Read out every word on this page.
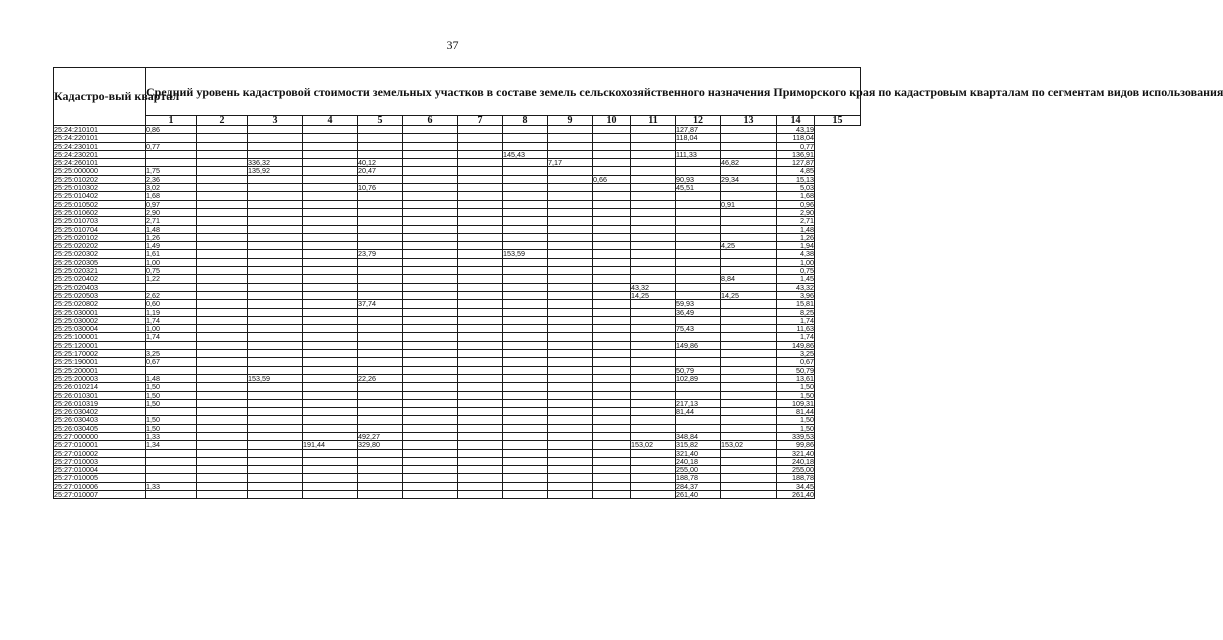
37
Кадастро-вый квартал	Средний уровень кадастровой стоимости земельных участков в составе земель сельскохозяйственного назначения Приморского края по кадастровым кварталам по сегментам видов использования														
	1	2	3	4	5	6	7	8	9	10	11	12	13	14	15
25:24:210101	0,86											127,87		43,19	
25:24:220101												118,04		118,04	
25:24:230101	0,77													0,77	
25:24:230201								145,43				111,33		136,91	
25:24:260101			336,32		40,12				7,17				46,82	127,87	
25:25:000000	1,75		135,92		20,47									4,85	
25:25:010202	2,36									0,66		90,93	29,34	15,13	
25:25:010302	3,02				10,76							45,51		5,03	
25:25:010402	1,68													1,68	
25:25:010502	0,97												0,91	0,96	
25:25:010602	2,90													2,90	
25:25:010703	2,71													2,71	
25:25:010704	1,48													1,48	
25:25:020102	1,26													1,26	
25:25:020202	1,49												4,25	1,94	
25:25:020302	1,61				23,79			153,59						4,38	
25:25:020305	1,00													1,00	
25:25:020321	0,75													0,75	
25:25:020402	1,22												8,84	1,45	
25:25:020403											43,32			43,32	
25:25:020503	2,62										14,25		14,25	3,96	
25:25:020802	0,60				37,74							59,93		15,81	
25:25:030001	1,19											36,49		8,25	
25:25:030002	1,74													1,74	
25:25:030004	1,00											75,43		11,63	
25:25:100001	1,74													1,74	
25:25:120001												149,86		149,86	
25:25:170002	3,25													3,25	
25:25:190001	0,67													0,67	
25:25:200001												50,79		50,79	
25:25:200003	1,48		153,59		22,26							102,89		13,61	
25:26:010214	1,50													1,50	
25:26:010301	1,50													1,50	
25:26:010319	1,50											217,13		109,31	
25:26:030402												81,44		81,44	
25:26:030403	1,50													1,50	
25:26:030405	1,50													1,50	
25:27:000000	1,33				492,27							348,84		339,53	
25:27:010001	1,34			191,44	329,80						153,02	315,82	153,02	99,86	
25:27:010002												321,40		321,40	
25:27:010003												240,18		240,18	
25:27:010004												255,00		255,00	
25:27:010005												188,78		188,78	
25:27:010006	1,33											284,37		34,45	
25:27:010007												261,40		261,40	
